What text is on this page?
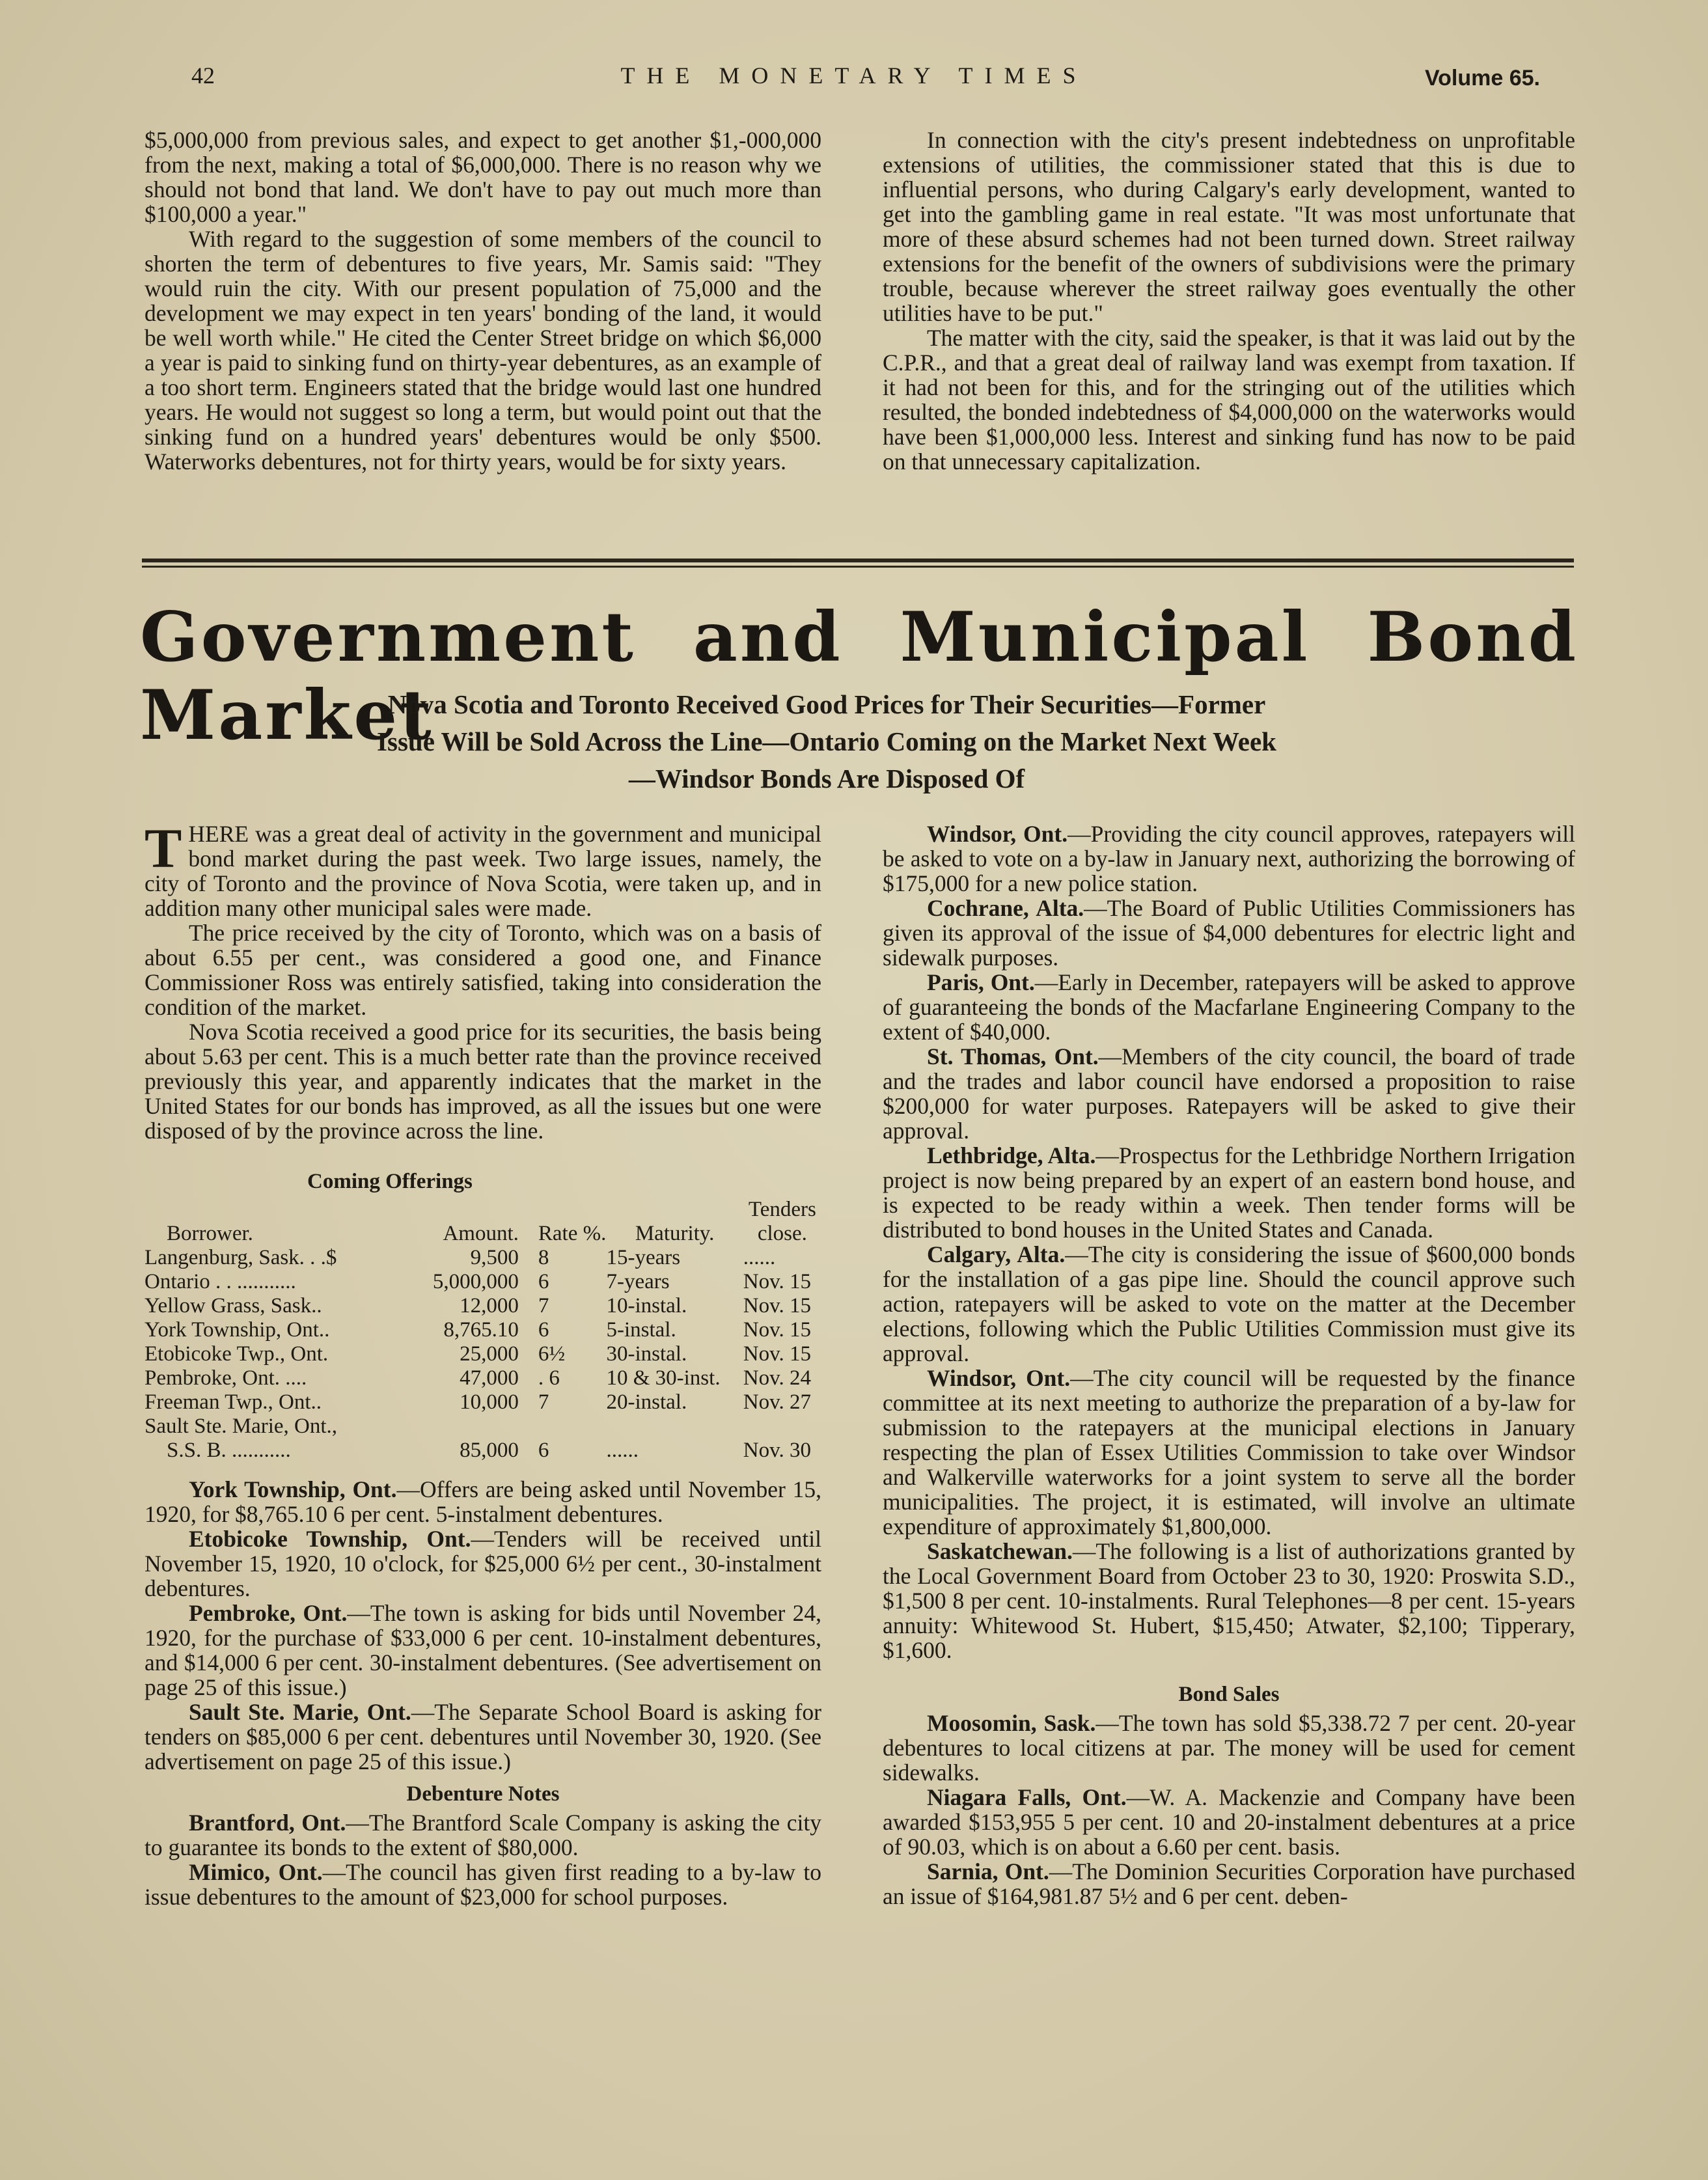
42	THE MONETARY TIMES	Volume 65.

$5,000,000 from previous sales, and expect to get another $1,-000,000 from the next, making a total of $6,000,000. There is no reason why we should not bond that land. We don't have to pay out much more than $100,000 a year."

With regard to the suggestion of some members of the council to shorten the term of debentures to five years, Mr. Samis said: "They would ruin the city. With our present population of 75,000 and the development we may expect in ten years' bonding of the land, it would be well worth while." He cited the Center Street bridge on which $6,000 a year is paid to sinking fund on thirty-year debentures, as an example of a too short term. Engineers stated that the bridge would last one hundred years. He would not suggest so long a term, but would point out that the sinking fund on a hundred years' debentures would be only $500. Waterworks debentures, not for thirty years, would be for sixty years.

In connection with the city's present indebtedness on unprofitable extensions of utilities, the commissioner stated that this is due to influential persons, who during Calgary's early development, wanted to get into the gambling game in real estate. "It was most unfortunate that more of these absurd schemes had not been turned down. Street railway extensions for the benefit of the owners of subdivisions were the primary trouble, because wherever the street railway goes eventually the other utilities have to be put."

The matter with the city, said the speaker, is that it was laid out by the C.P.R., and that a great deal of railway land was exempt from taxation. If it had not been for this, and for the stringing out of the utilities which resulted, the bonded indebtedness of $4,000,000 on the waterworks would have been $1,000,000 less. Interest and sinking fund has now to be paid on that unnecessary capitalization.

Government and Municipal Bond Market
Nova Scotia and Toronto Received Good Prices for Their Securities—Former Issue Will be Sold Across the Line—Ontario Coming on the Market Next Week—Windsor Bonds Are Disposed Of

THERE was a great deal of activity in the government and municipal bond market during the past week. Two large issues, namely, the city of Toronto and the province of Nova Scotia, were taken up, and in addition many other municipal sales were made.

The price received by the city of Toronto, which was on a basis of about 6.55 per cent., was considered a good one, and Finance Commissioner Ross was entirely satisfied, taking into consideration the condition of the market.

Nova Scotia received a good price for its securities, the basis being about 5.63 per cent. This is a much better rate than the province received previously this year, and apparently indicates that the market in the United States for our bonds has improved, as all the issues but one were disposed of by the province across the line.

Coming Offerings
Borrower.	Amount.	Rate %.	Maturity.	Tenders close.
Langenburg, Sask. . .$	9,500	8	15-years	......
Ontario . . ...........	5,000,000	6	7-years	Nov. 15
Yellow Grass, Sask..	12,000	7	10-instal.	Nov. 15
York Township, Ont..	8,765.10	6	5-instal.	Nov. 15
Etobicoke Twp., Ont.	25,000	6½	30-instal.	Nov. 15
Pembroke, Ont. ....	47,000	. 6	10 & 30-inst.	Nov. 24
Freeman Twp., Ont..	10,000	7	20-instal.	Nov. 27
Sault Ste. Marie, Ont.,				
S.S. B. ...........	85,000	6	......	Nov. 30

York Township, Ont.—Offers are being asked until November 15, 1920, for $8,765.10 6 per cent. 5-instalment debentures.

Etobicoke Township, Ont.—Tenders will be received until November 15, 1920, 10 o'clock, for $25,000 6½ per cent., 30-instalment debentures.

Pembroke, Ont.—The town is asking for bids until November 24, 1920, for the purchase of $33,000 6 per cent. 10-instalment debentures, and $14,000 6 per cent. 30-instalment debentures. (See advertisement on page 25 of this issue.)

Sault Ste. Marie, Ont.—The Separate School Board is asking for tenders on $85,000 6 per cent. debentures until November 30, 1920. (See advertisement on page 25 of this issue.)

Debenture Notes

Brantford, Ont.—The Brantford Scale Company is asking the city to guarantee its bonds to the extent of $80,000.

Mimico, Ont.—The council has given first reading to a by-law to issue debentures to the amount of $23,000 for school purposes.

Windsor, Ont.—Providing the city council approves, ratepayers will be asked to vote on a by-law in January next, authorizing the borrowing of $175,000 for a new police station.

Cochrane, Alta.—The Board of Public Utilities Commissioners has given its approval of the issue of $4,000 debentures for electric light and sidewalk purposes.

Paris, Ont.—Early in December, ratepayers will be asked to approve of guaranteeing the bonds of the Macfarlane Engineering Company to the extent of $40,000.

St. Thomas, Ont.—Members of the city council, the board of trade and the trades and labor council have endorsed a proposition to raise $200,000 for water purposes. Ratepayers will be asked to give their approval.

Lethbridge, Alta.—Prospectus for the Lethbridge Northern Irrigation project is now being prepared by an expert of an eastern bond house, and is expected to be ready within a week. Then tender forms will be distributed to bond houses in the United States and Canada.

Calgary, Alta.—The city is considering the issue of $600,000 bonds for the installation of a gas pipe line. Should the council approve such action, ratepayers will be asked to vote on the matter at the December elections, following which the Public Utilities Commission must give its approval.

Windsor, Ont.—The city council will be requested by the finance committee at its next meeting to authorize the preparation of a by-law for submission to the ratepayers at the municipal elections in January respecting the plan of Essex Utilities Commission to take over Windsor and Walkerville waterworks for a joint system to serve all the border municipalities. The project, it is estimated, will involve an ultimate expenditure of approximately $1,800,000.

Saskatchewan.—The following is a list of authorizations granted by the Local Government Board from October 23 to 30, 1920: Proswita S.D., $1,500 8 per cent. 10-instalments. Rural Telephones—8 per cent. 15-years annuity: Whitewood St. Hubert, $15,450; Atwater, $2,100; Tipperary, $1,600.

Bond Sales

Moosomin, Sask.—The town has sold $5,338.72 7 per cent. 20-year debentures to local citizens at par. The money will be used for cement sidewalks.

Niagara Falls, Ont.—W. A. Mackenzie and Company have been awarded $153,955 5 per cent. 10 and 20-instalment debentures at a price of 90.03, which is on about a 6.60 per cent. basis.

Sarnia, Ont.—The Dominion Securities Corporation have purchased an issue of $164,981.87 5½ and 6 per cent. deben-
